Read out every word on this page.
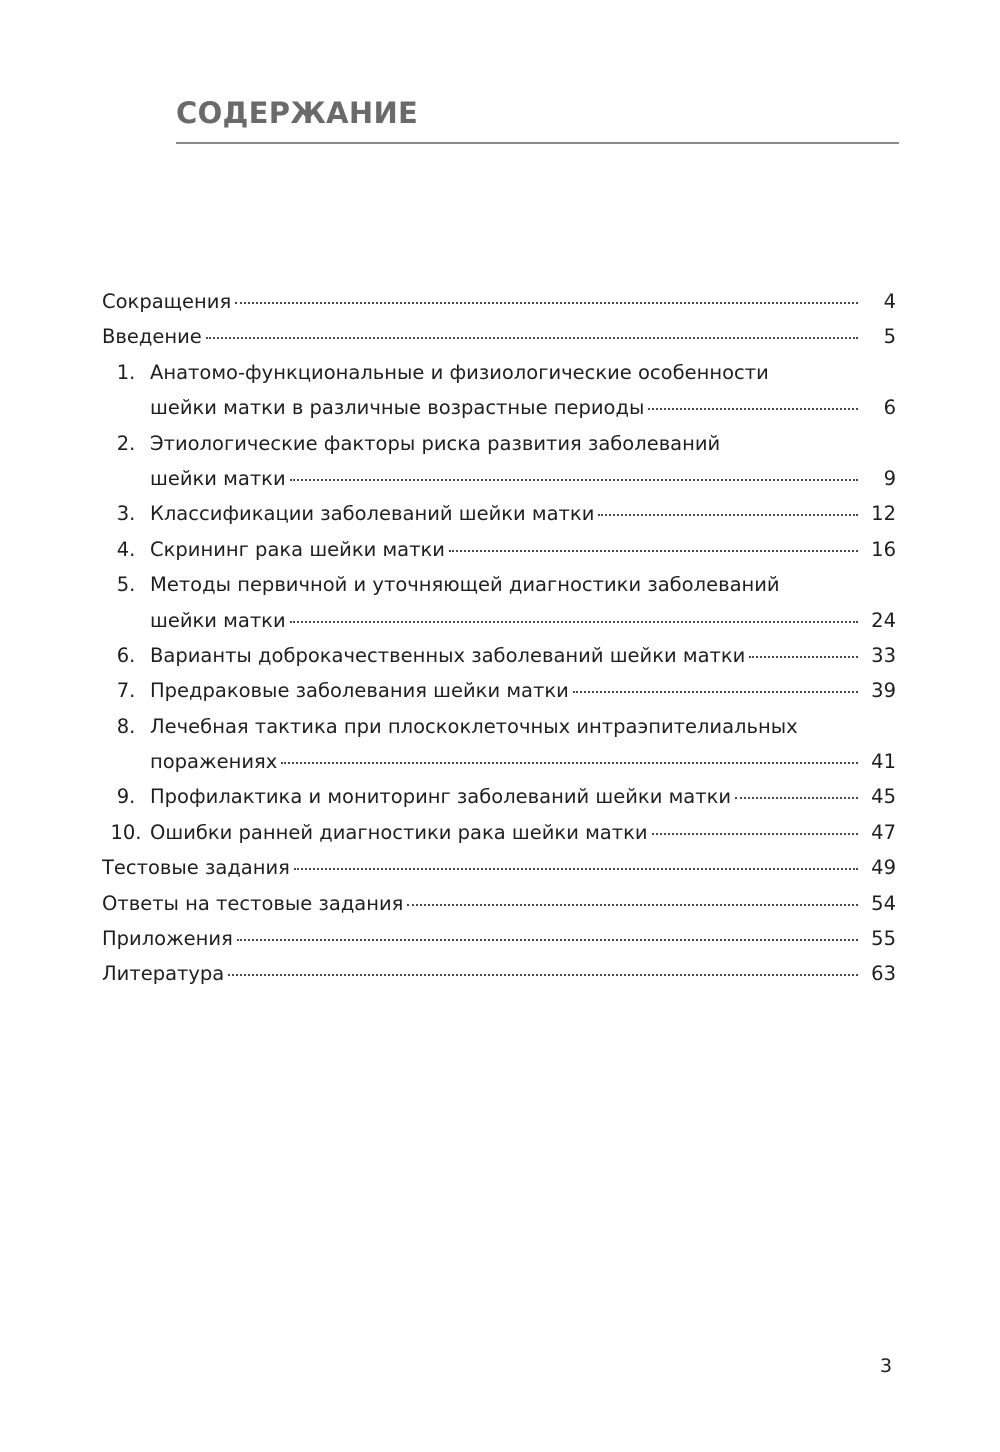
СОДЕРЖАНИЕ
Сокращения	4
Введение	5
1. Анатомо-функциональные и физиологические особенности
шейки матки в различные возрастные периоды	6
2. Этиологические факторы риска развития заболеваний
шейки матки	9
3. Классификации заболеваний шейки матки	12
4. Скрининг рака шейки матки	16
5. Методы первичной и уточняющей диагностики заболеваний
шейки матки	24
6. Варианты доброкачественных заболеваний шейки матки	33
7. Предраковые заболевания шейки матки	39
8. Лечебная тактика при плоскоклеточных интраэпителиальных
поражениях	41
9. Профилактика и мониторинг заболеваний шейки матки	45
10. Ошибки ранней диагностики рака шейки матки	47
Тестовые задания	49
Ответы на тестовые задания	54
Приложения	55
Литература	63
3
